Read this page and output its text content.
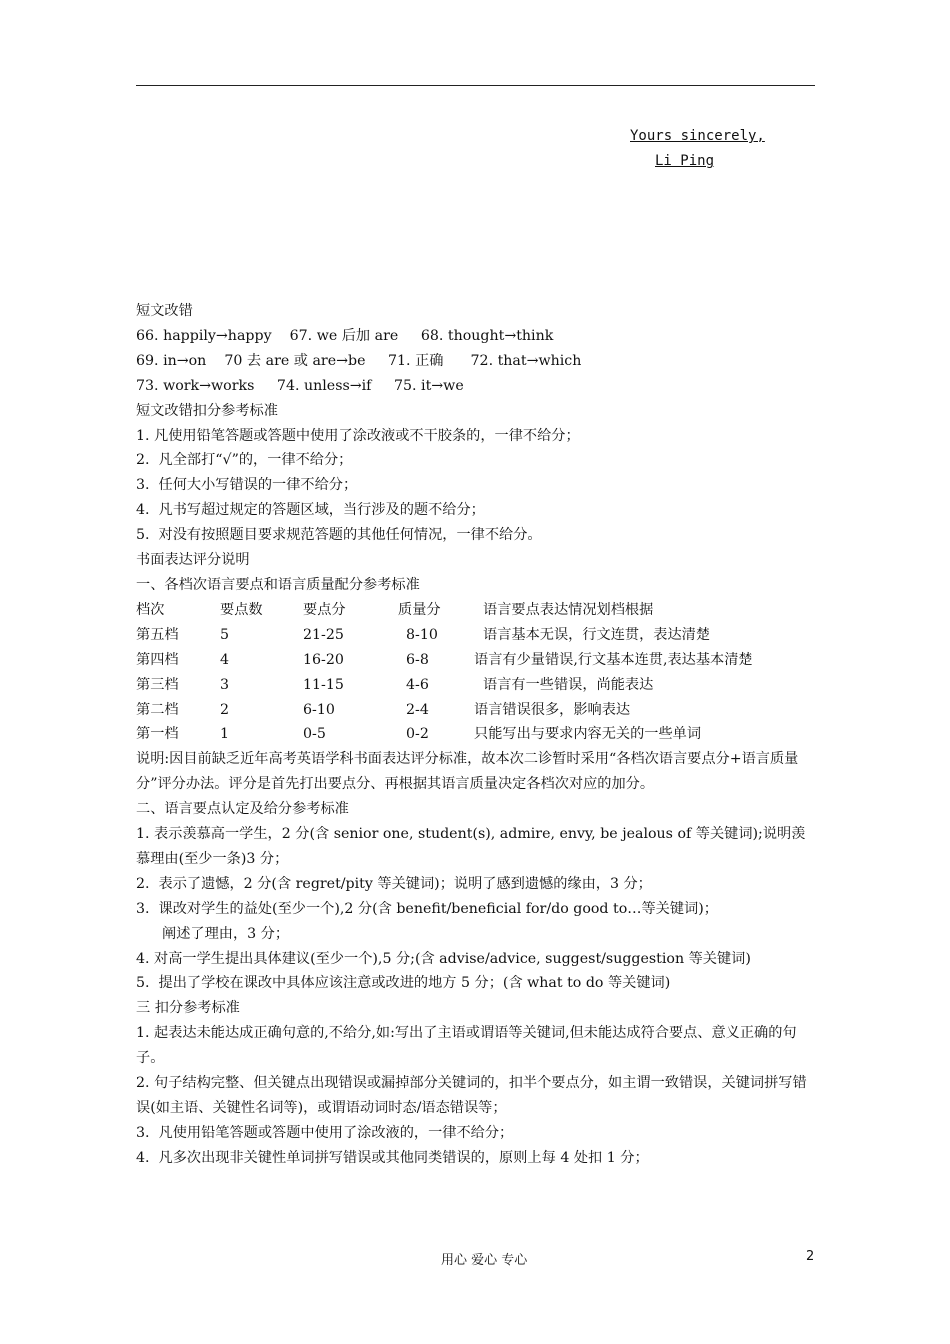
Yours sincerely,
Li Ping
短文改错
66. happily→happy    67. we 后加 are     68. thought→think
69. in→on    70 去 are 或 are→be     71. 正确      72. that→which
73. work→works     74. unless→if     75. it→we
短文改错扣分参考标准
1. 凡使用铅笔答题或答题中使用了涂改液或不干胶条的，一律不给分；
2.  凡全部打“√”的，一律不给分；
3.  任何大小写错误的一律不给分；
4.  凡书写超过规定的答题区域，当行涉及的题不给分；
5.  对没有按照题目要求规范答题的其他任何情况，一律不给分。
书面表达评分说明
一、各档次语言要点和语言质量配分参考标准
档次	要点数	要点分	质量分	语言要点表达情况划档根据
第五档	5	21-25	8-10	语言基本无误，行文连贯，表达清楚
第四档	4	16-20	6-8	语言有少量错误,行文基本连贯,表达基本清楚
第三档	3	11-15	4-6	语言有一些错误，尚能表达
第二档	2	6-10	2-4	语言错误很多，影响表达
第一档	1	0-5	0-2	只能写出与要求内容无关的一些单词
说明:因目前缺乏近年高考英语学科书面表达评分标准，故本次二诊暂时采用“各档次语言要点分+语言质量分”评分办法。评分是首先打出要点分、再根据其语言质量决定各档次对应的加分。
二、语言要点认定及给分参考标准
1. 表示羡慕高一学生，2 分(含 senior one, student(s), admire, envy, be jealous of 等关键词);说明羡慕理由(至少一条)3 分；
2.  表示了遗憾，2 分(含 regret/pity 等关键词)；说明了感到遗憾的缘由，3 分；
3.  课改对学生的益处(至少一个),2 分(含 benefit/beneficial for/do good to…等关键词)；
阐述了理由，3 分；
4. 对高一学生提出具体建议(至少一个),5 分;(含 advise/advice, suggest/suggestion 等关键词)
5.  提出了学校在课改中具体应该注意或改进的地方 5 分；(含 what to do 等关键词)
三 扣分参考标准
1. 起表达未能达成正确句意的,不给分,如:写出了主语或谓语等关键词,但未能达成符合要点、意义正确的句子。
2. 句子结构完整、但关键点出现错误或漏掉部分关键词的，扣半个要点分，如主谓一致错误，关键词拼写错误(如主语、关键性名词等)，或谓语动词时态/语态错误等；
3.  凡使用铅笔答题或答题中使用了涂改液的，一律不给分；
4.  凡多次出现非关键性单词拼写错误或其他同类错误的，原则上每 4 处扣 1 分；
用心 爱心 专心	2
